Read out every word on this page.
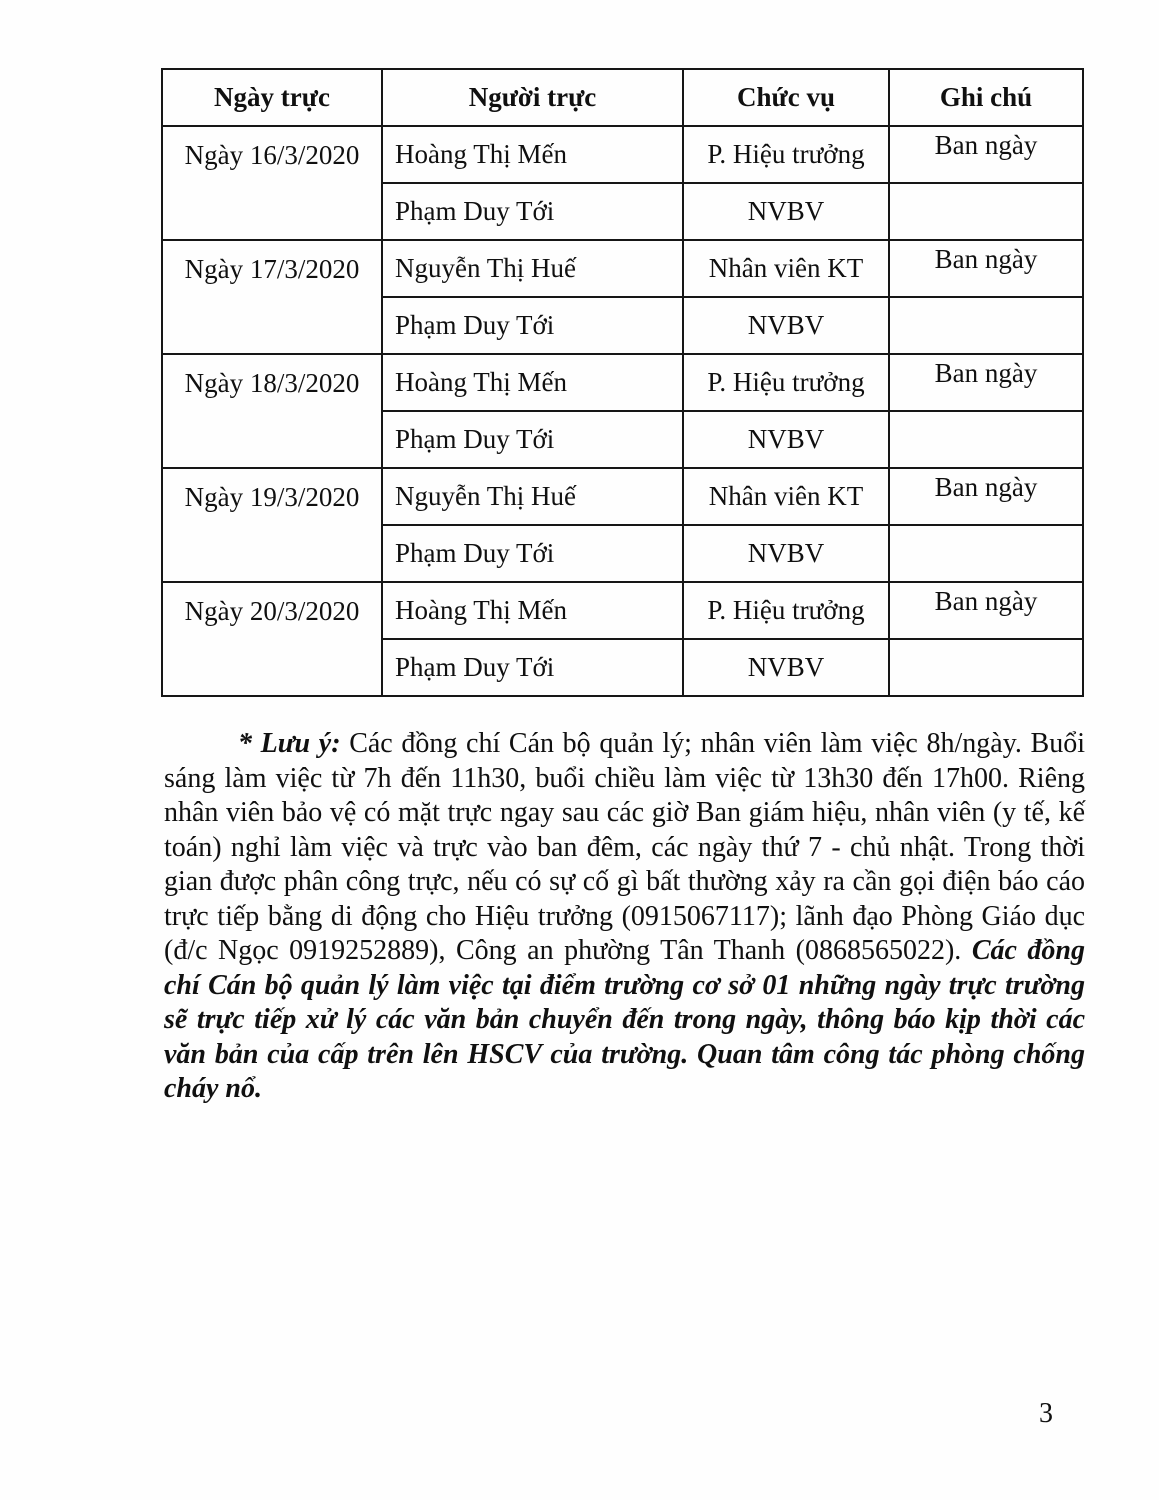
Ngày trực	Người trực	Chức vụ	Ghi chú
Ngày 16/3/2020	Hoàng Thị Mến	P. Hiệu trưởng	Ban ngày
	Phạm Duy Tới	NVBV	
Ngày 17/3/2020	Nguyễn Thị Huế	Nhân viên KT	Ban ngày
	Phạm Duy Tới	NVBV	
Ngày 18/3/2020	Hoàng Thị Mến	P. Hiệu trưởng	Ban ngày
	Phạm Duy Tới	NVBV	
Ngày 19/3/2020	Nguyễn Thị Huế	Nhân viên KT	Ban ngày
	Phạm Duy Tới	NVBV	
Ngày 20/3/2020	Hoàng Thị Mến	P. Hiệu trưởng	Ban ngày
	Phạm Duy Tới	NVBV	

* Lưu ý: Các đồng chí Cán bộ quản lý; nhân viên làm việc 8h/ngày. Buổi sáng làm việc từ 7h đến 11h30, buổi chiều làm việc từ 13h30 đến 17h00. Riêng nhân viên bảo vệ có mặt trực ngay sau các giờ Ban giám hiệu, nhân viên (y tế, kế toán) nghỉ làm việc và trực vào ban đêm, các ngày thứ 7 - chủ nhật. Trong thời gian được phân công trực, nếu có sự cố gì bất thường xảy ra cần gọi điện báo cáo trực tiếp bằng di động cho Hiệu trưởng (0915067117); lãnh đạo Phòng Giáo dục (đ/c Ngọc 0919252889), Công an phường Tân Thanh (0868565022). Các đồng chí Cán bộ quản lý làm việc tại điểm trường cơ sở 01 những ngày trực trường sẽ trực tiếp xử lý các văn bản chuyển đến trong ngày, thông báo kịp thời các văn bản của cấp trên lên HSCV của trường. Quan tâm công tác phòng chống cháy nổ.

3
